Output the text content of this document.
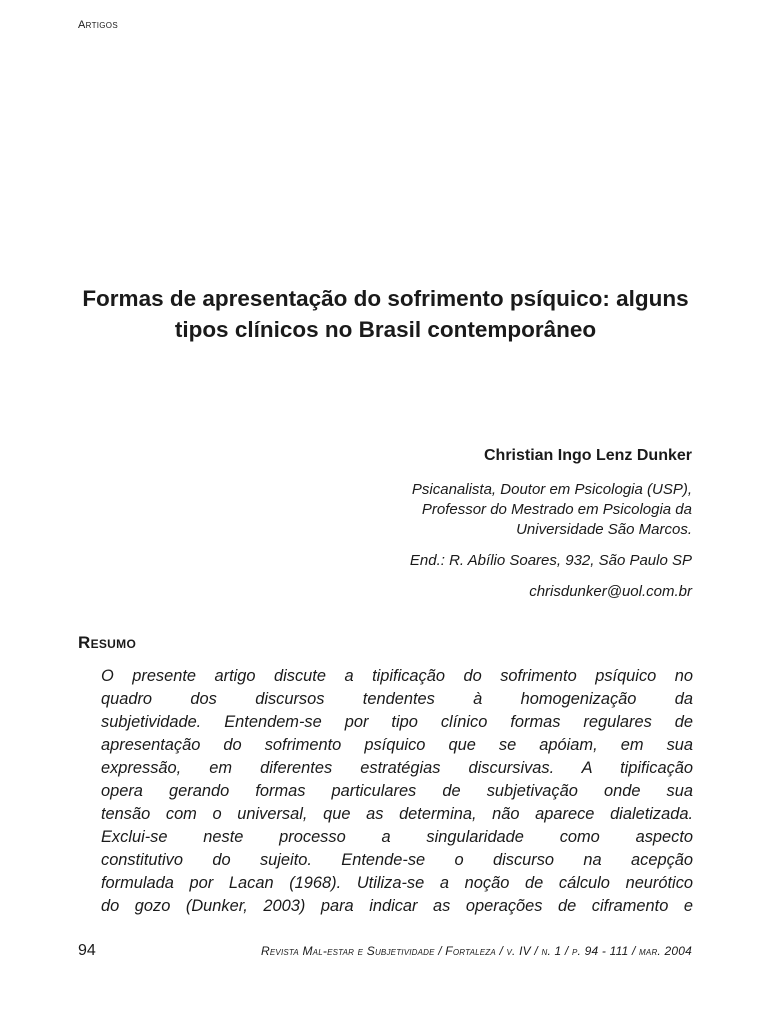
Artigos
Formas de apresentação do sofrimento psíquico: alguns tipos clínicos no Brasil contemporâneo
Christian Ingo Lenz Dunker
Psicanalista, Doutor em Psicologia (USP),
Professor do Mestrado em Psicologia da
Universidade São Marcos.
End.: R. Abílio Soares, 932, São Paulo SP
chrisdunker@uol.com.br
Resumo
O presente artigo discute a tipificação do sofrimento psíquico no
quadro dos discursos tendentes à homogenização da
subjetividade. Entendem-se por tipo clínico formas regulares de
apresentação do sofrimento psíquico que se apóiam, em sua
expressão, em diferentes estratégias discursivas. A tipificação
opera gerando formas particulares de subjetivação onde sua
tensão com o universal, que as determina, não aparece dialetizada.
Exclui-se neste processo a singularidade como aspecto
constitutivo do sujeito. Entende-se o discurso na acepção
formulada por Lacan (1968). Utiliza-se a noção de cálculo neurótico
do gozo (Dunker, 2003) para indicar as operações de ciframento e
94	Revista Mal-estar e Subjetividade / Fortaleza / v. IV / n. 1 / p. 94 - 111 / mar. 2004
